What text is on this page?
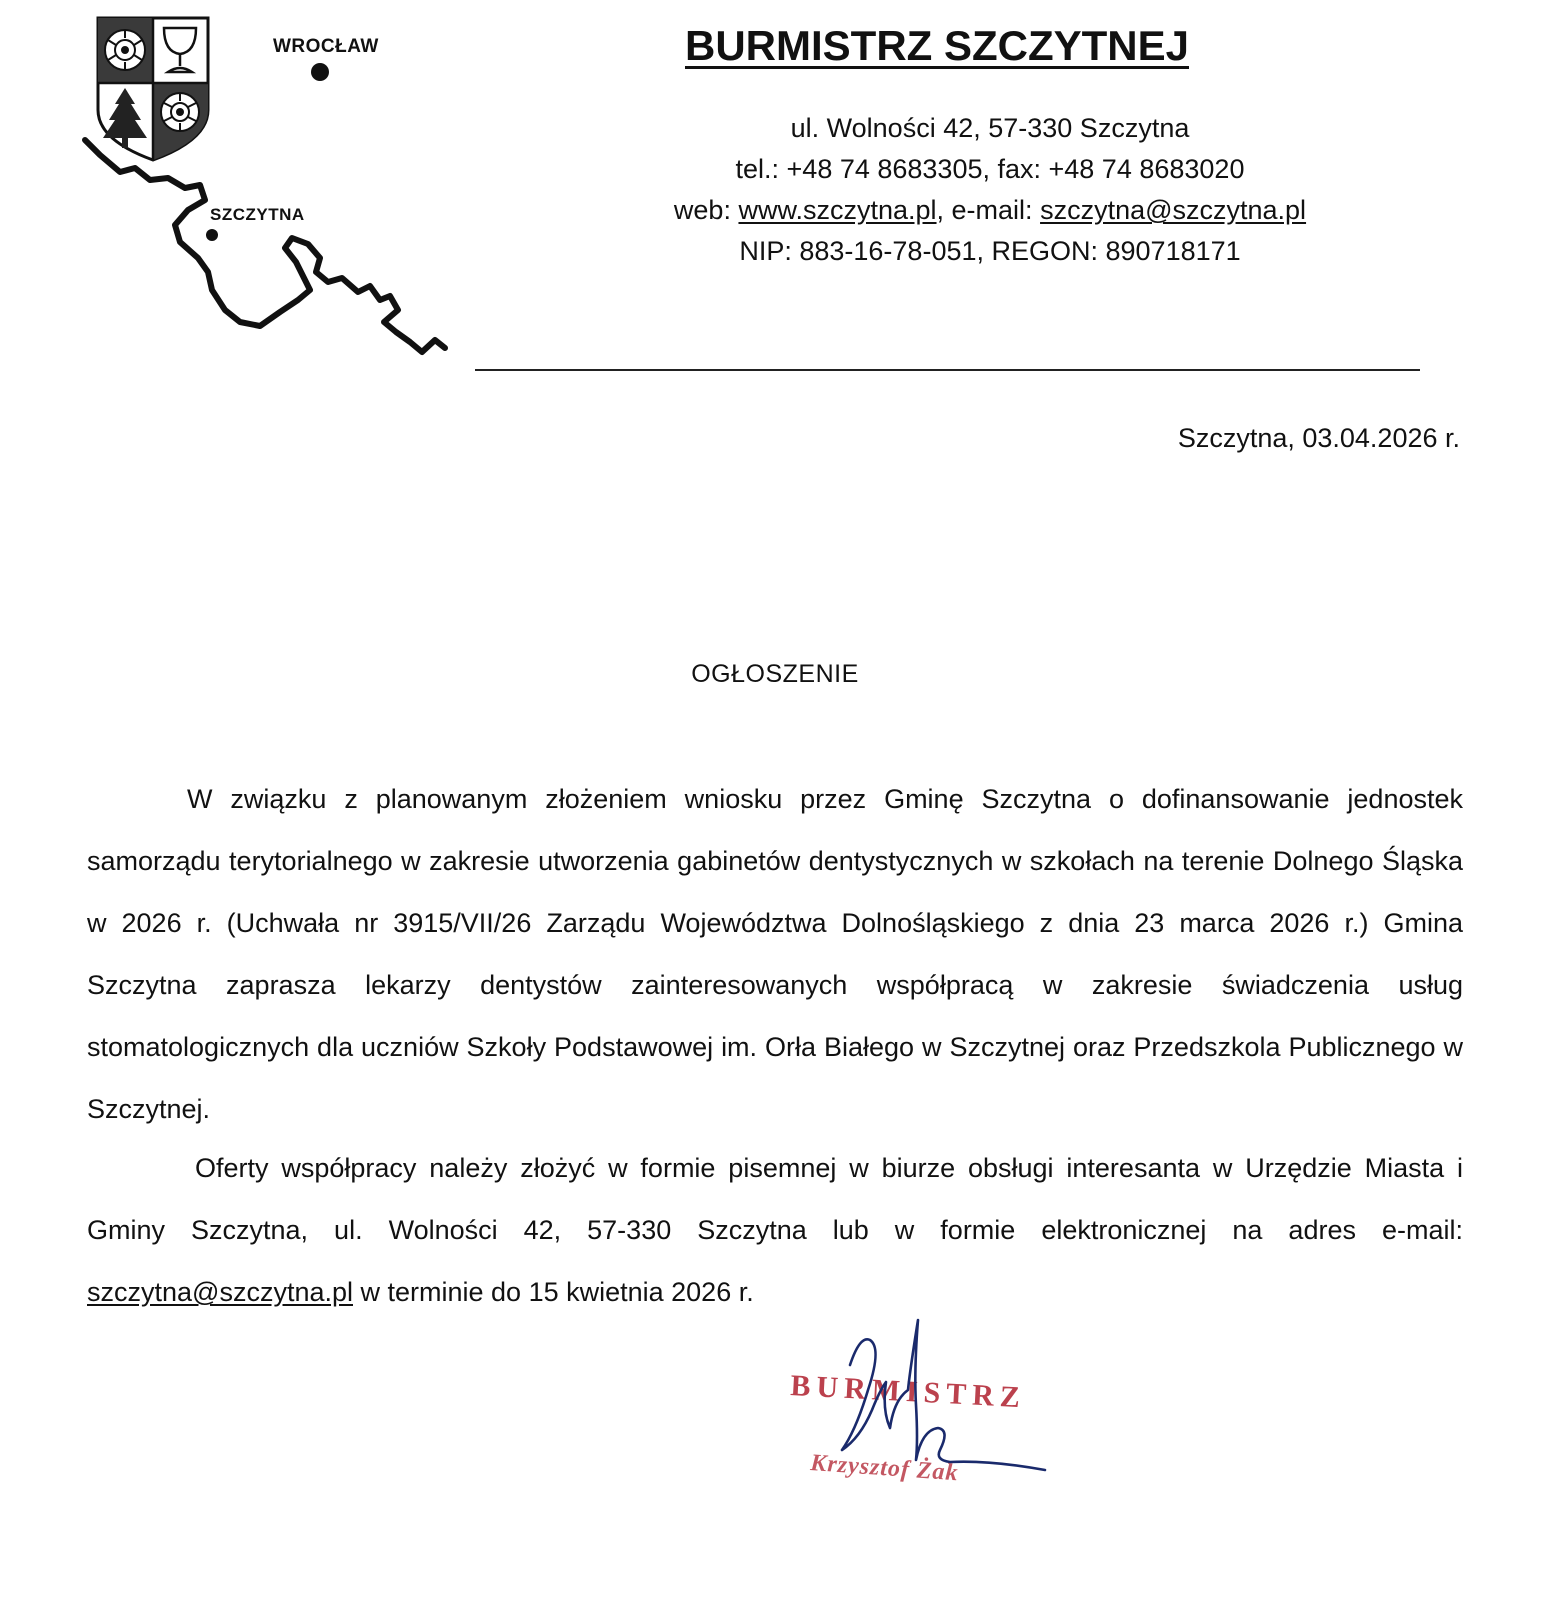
WROCŁAW
SZCZYTNA
BURMISTRZ SZCZYTNEJ
ul. Wolności 42, 57-330 Szczytna
tel.: +48 74 8683305, fax: +48 74 8683020
web: www.szczytna.pl, e-mail: szczytna@szczytna.pl
NIP: 883-16-78-051, REGON: 890718171
Szczytna, 03.04.2026 r.
OGŁOSZENIE
W związku z planowanym złożeniem wniosku przez Gminę Szczytna o dofinansowanie jednostek samorządu terytorialnego w zakresie utworzenia gabinetów dentystycznych w szkołach na terenie Dolnego Śląska w 2026 r. (Uchwała nr 3915/VII/26 Zarządu Województwa Dolnośląskiego z dnia 23 marca 2026 r.) Gmina Szczytna zaprasza lekarzy dentystów zainteresowanych współpracą w zakresie świadczenia usług stomatologicznych dla uczniów Szkoły Podstawowej im. Orła Białego w Szczytnej oraz Przedszkola Publicznego w Szczytnej.
Oferty współpracy należy złożyć w formie pisemnej w biurze obsługi interesanta w Urzędzie Miasta i Gminy Szczytna, ul. Wolności 42, 57-330 Szczytna lub w formie elektronicznej na adres e-mail: szczytna@szczytna.pl w terminie do 15 kwietnia 2026 r.
BURMISTRZ
Krzysztof Żak
